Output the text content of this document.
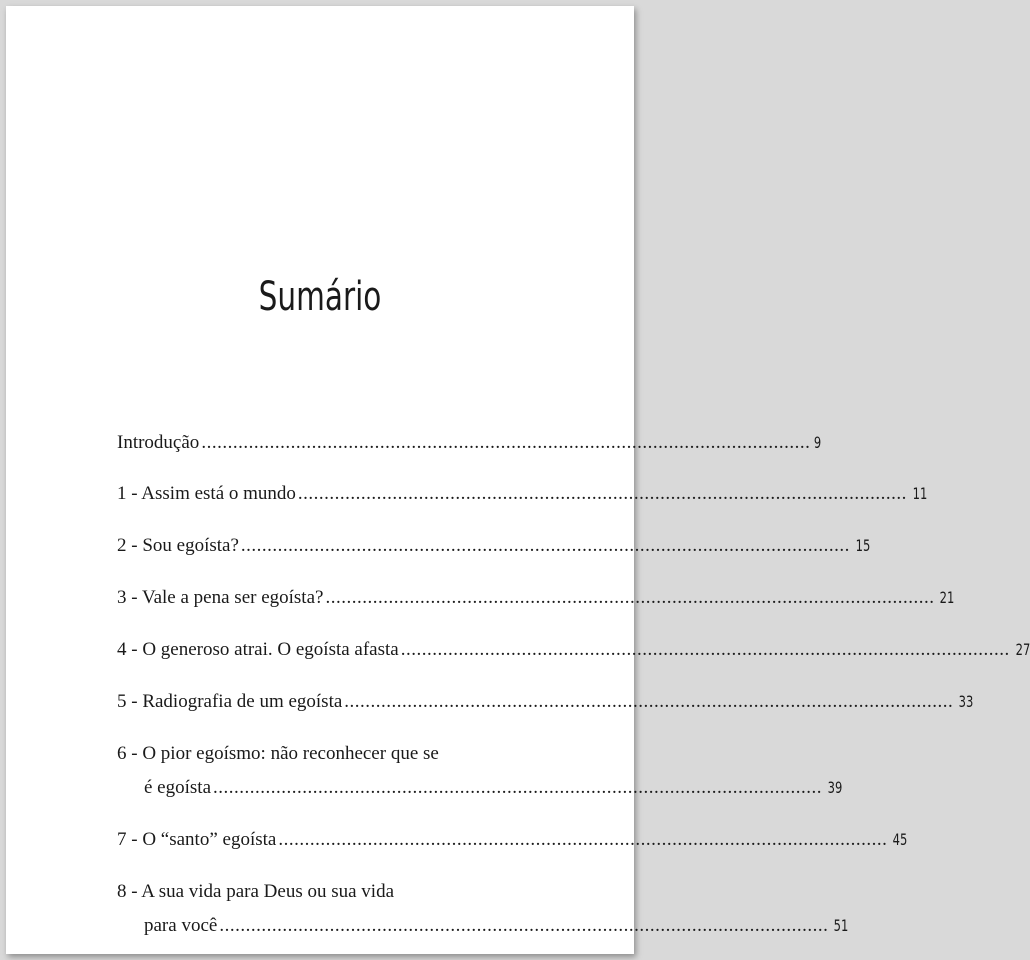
Sumário
Introdução .................................................................................................................... 9
1 - Assim está o mundo .................................................................................................................... 11
2 - Sou egoísta? .................................................................................................................... 15
3 - Vale a pena ser egoísta? .................................................................................................................... 21
4 - O generoso atrai. O egoísta afasta .................................................................................................................... 27
5 - Radiografia de um egoísta .................................................................................................................... 33
6 - O pior egoísmo: não reconhecer que se
é egoísta .................................................................................................................... 39
7 - O “santo” egoísta .................................................................................................................... 45
8 - A sua vida para Deus ou sua vida
para você .................................................................................................................... 51
